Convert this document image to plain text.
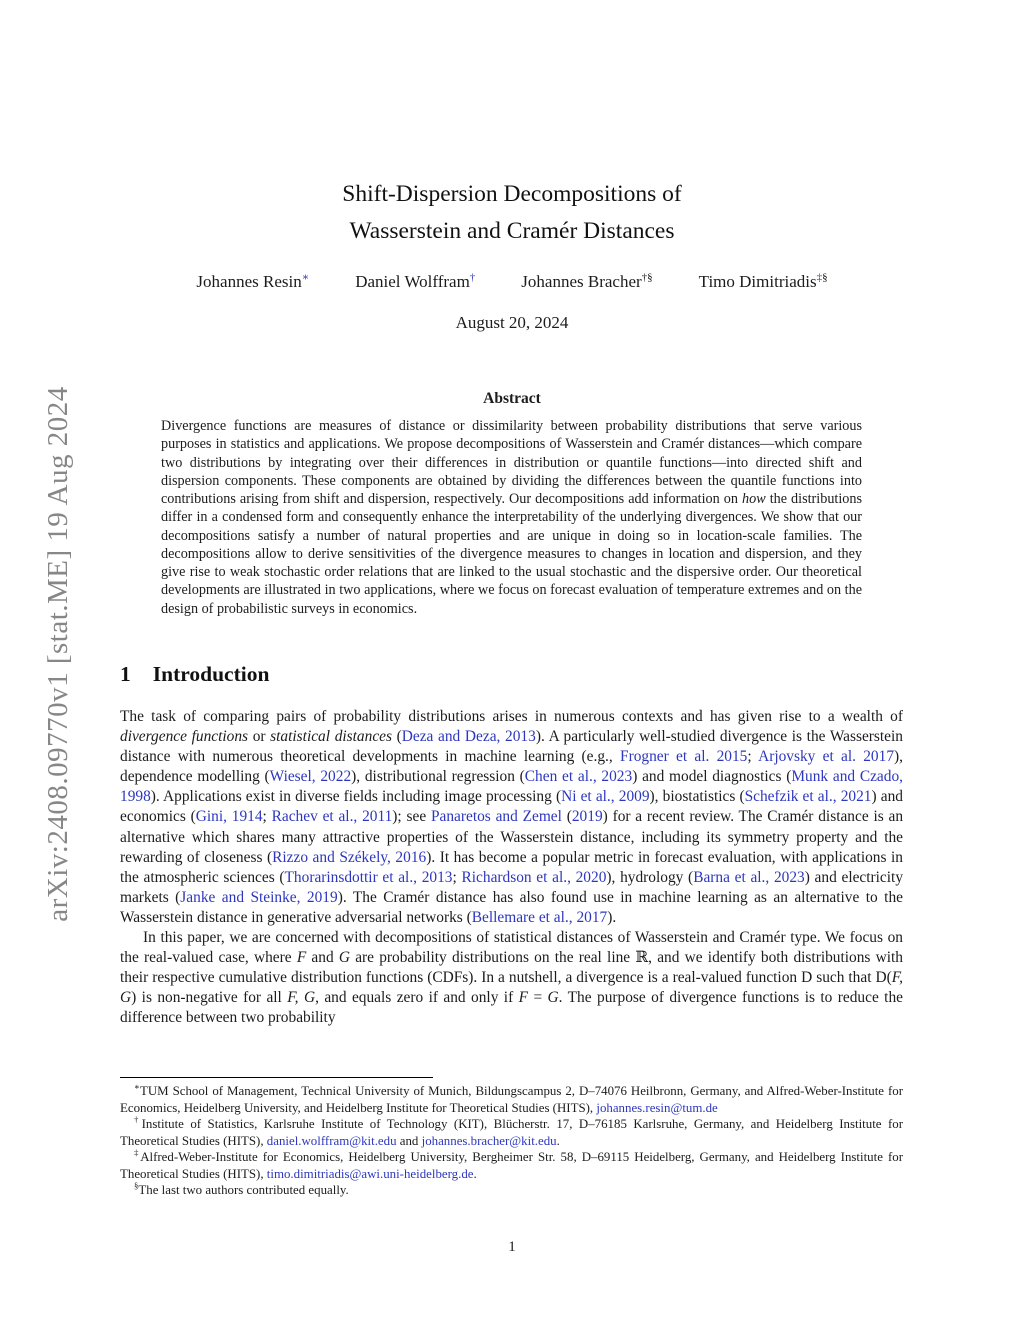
arXiv:2408.09770v1 [stat.ME] 19 Aug 2024
Shift-Dispersion Decompositions of
Wasserstein and Cramér Distances
Johannes Resin∗	Daniel Wolffram†	Johannes Bracher†§	Timo Dimitriadis‡§
August 20, 2024
Abstract
Divergence functions are measures of distance or dissimilarity between probability distributions that serve various purposes in statistics and applications. We propose decompositions of Wasserstein and Cramér distances—which compare two distributions by integrating over their differences in distribution or quantile functions—into directed shift and dispersion components. These components are obtained by dividing the differences between the quantile functions into contributions arising from shift and dispersion, respectively. Our decompositions add information on how the distributions differ in a condensed form and consequently enhance the interpretability of the underlying divergences. We show that our decompositions satisfy a number of natural properties and are unique in doing so in location-scale families. The decompositions allow to derive sensitivities of the divergence measures to changes in location and dispersion, and they give rise to weak stochastic order relations that are linked to the usual stochastic and the dispersive order. Our theoretical developments are illustrated in two applications, where we focus on forecast evaluation of temperature extremes and on the design of probabilistic surveys in economics.
1 Introduction

The task of comparing pairs of probability distributions arises in numerous contexts and has given rise to a wealth of divergence functions or statistical distances (Deza and Deza, 2013). A particularly well-studied divergence is the Wasserstein distance with numerous theoretical developments in machine learning (e.g., Frogner et al. 2015; Arjovsky et al. 2017), dependence modelling (Wiesel, 2022), distributional regression (Chen et al., 2023) and model diagnostics (Munk and Czado, 1998). Applications exist in diverse fields including image processing (Ni et al., 2009), biostatistics (Schefzik et al., 2021) and economics (Gini, 1914; Rachev et al., 2011); see Panaretos and Zemel (2019) for a recent review. The Cramér distance is an alternative which shares many attractive properties of the Wasserstein distance, including its symmetry property and the rewarding of closeness (Rizzo and Székely, 2016). It has become a popular metric in forecast evaluation, with applications in the atmospheric sciences (Thorarinsdottir et al., 2013; Richardson et al., 2020), hydrology (Barna et al., 2023) and electricity markets (Janke and Steinke, 2019). The Cramér distance has also found use in machine learning as an alternative to the Wasserstein distance in generative adversarial networks (Bellemare et al., 2017).

In this paper, we are concerned with decompositions of statistical distances of Wasserstein and Cramér type. We focus on the real-valued case, where F and G are probability distributions on the real line ℝ, and we identify both distributions with their respective cumulative distribution functions (CDFs). In a nutshell, a divergence is a real-valued function D such that D(F, G) is non-negative for all F, G, and equals zero if and only if F = G. The purpose of divergence functions is to reduce the difference between two probability

∗TUM School of Management, Technical University of Munich, Bildungscampus 2, D–74076 Heilbronn, Germany, and Alfred-Weber-Institute for Economics, Heidelberg University, and Heidelberg Institute for Theoretical Studies (HITS), johannes.resin@tum.de

†Institute of Statistics, Karlsruhe Institute of Technology (KIT), Blücherstr. 17, D–76185 Karlsruhe, Germany, and Heidelberg Institute for Theoretical Studies (HITS), daniel.wolffram@kit.edu and johannes.bracher@kit.edu.

‡Alfred-Weber-Institute for Economics, Heidelberg University, Bergheimer Str. 58, D–69115 Heidelberg, Germany, and Heidelberg Institute for Theoretical Studies (HITS), timo.dimitriadis@awi.uni-heidelberg.de.

§The last two authors contributed equally.

1
